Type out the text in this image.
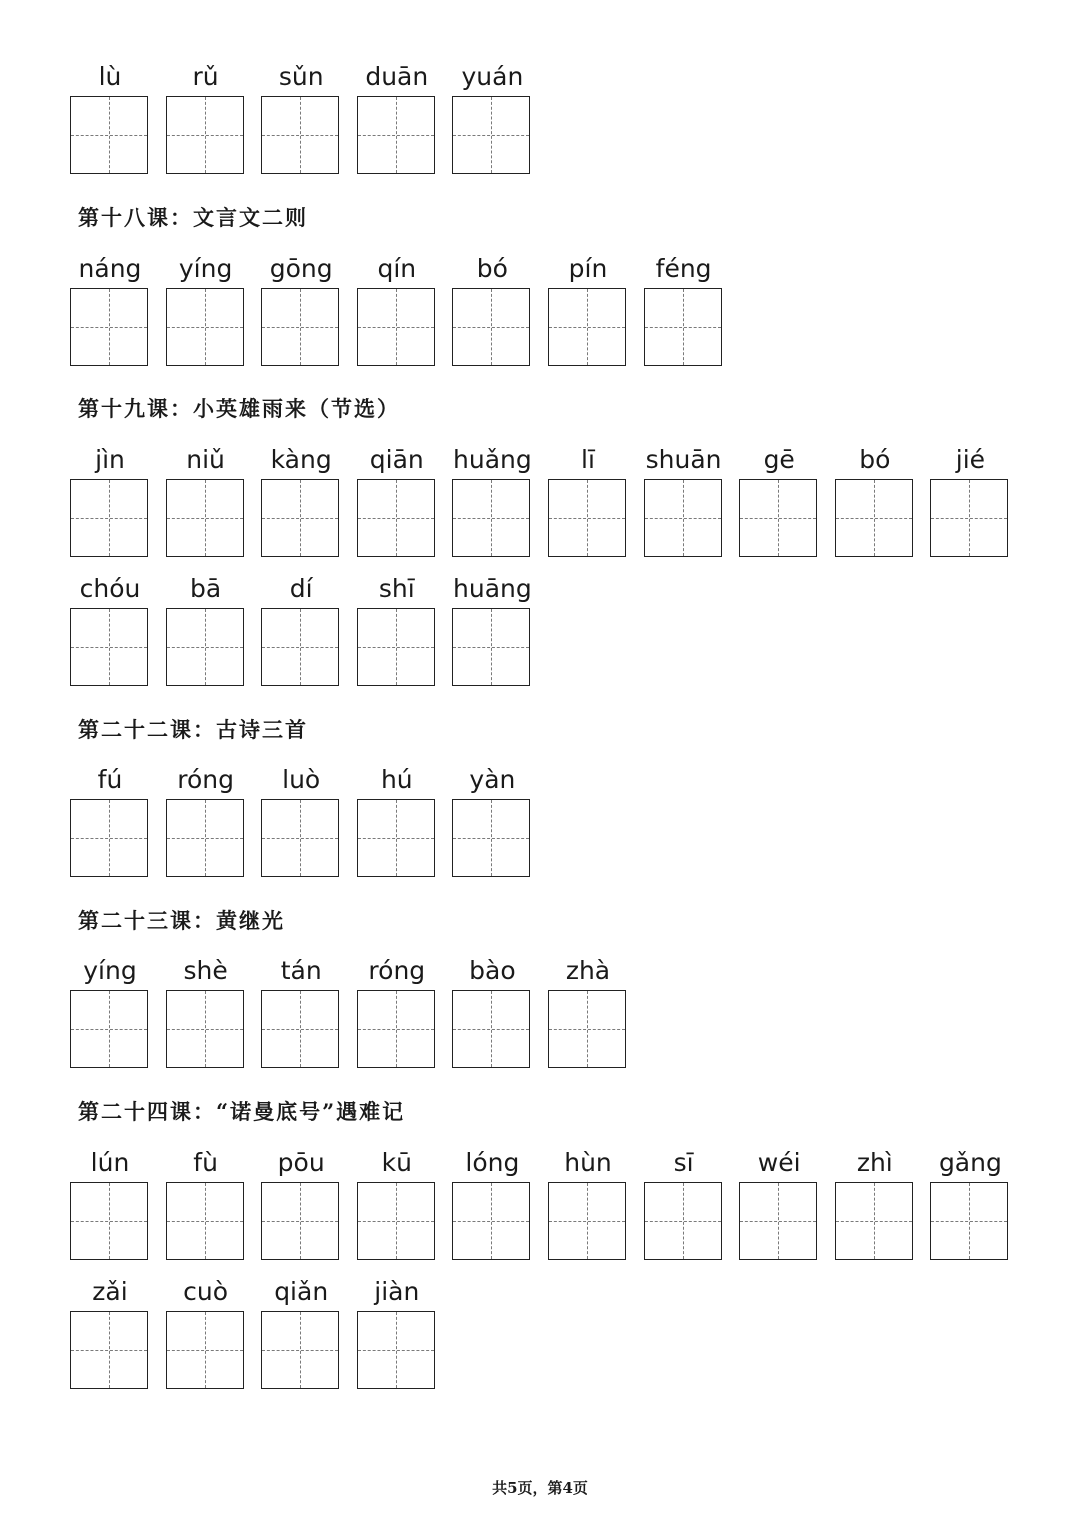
共5页，第4页
lù	rǔ	sǔn	duān	yuán
第十八课：文言文二则
náng	yíng	gōng	qín	bó	pín	féng
第十九课：小英雄雨来（节选）
jìn	niǔ	kàng	qiān	huǎng	lī	shuān	gē	bó	jié
chóu	bā	dí	shī	huāng
第二十二课：古诗三首
fú	róng	luò	hú	yàn
第二十三课：黄继光
yíng	shè	tán	róng	bào	zhà
第二十四课：“诺曼底号”遇难记
lún	fù	pōu	kū	lóng	hùn	sī	wéi	zhì	gǎng
zǎi	cuò	qiǎn	jiàn
